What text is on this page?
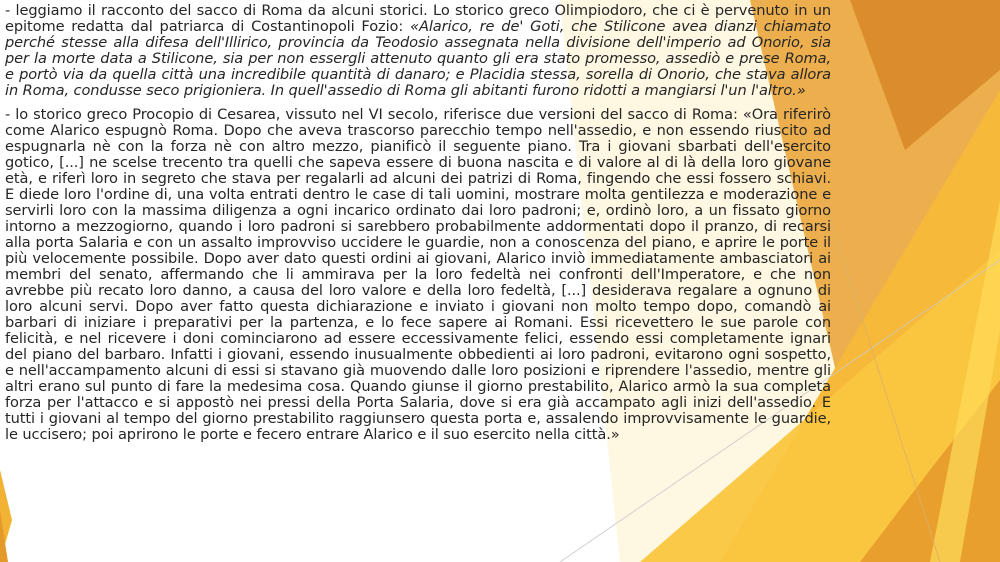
- leggiamo il racconto del sacco di Roma da alcuni storici. Lo storico greco Olimpiodoro, che ci è pervenuto in un epitome redatta dal patriarca di Costantinopoli Fozio: «Alarico, re de' Goti, che Stilicone avea dianzi chiamato perché stesse alla difesa dell'Illirico, provincia da Teodosio assegnata nella divisione dell'imperio ad Onorio, sia per la morte data a Stilicone, sia per non essergli attenuto quanto gli era stato promesso, assediò e prese Roma, e portò via da quella città una incredibile quantità di danaro; e Placidia stessa, sorella di Onorio, che stava allora in Roma, condusse seco prigioniera. In quell'assedio di Roma gli abitanti furono ridotti a mangiarsi l'un l'altro.»

- lo storico greco Procopio di Cesarea, vissuto nel VI secolo, riferisce due versioni del sacco di Roma: «Ora riferirò come Alarico espugnò Roma. Dopo che aveva trascorso parecchio tempo nell'assedio, e non essendo riuscito ad espugnarla nè con la forza nè con altro mezzo, pianificò il seguente piano. Tra i giovani sbarbati dell'esercito gotico, [...] ne scelse trecento tra quelli che sapeva essere di buona nascita e di valore al di là della loro giovane età, e riferì loro in segreto che stava per regalarli ad alcuni dei patrizi di Roma, fingendo che essi fossero schiavi. E diede loro l'ordine di, una volta entrati dentro le case di tali uomini, mostrare molta gentilezza e moderazione e servirli loro con la massima diligenza a ogni incarico ordinato dai loro padroni; e, ordinò loro, a un fissato giorno intorno a mezzogiorno, quando i loro padroni si sarebbero probabilmente addormentati dopo il pranzo, di recarsi alla porta Salaria e con un assalto improvviso uccidere le guardie, non a conoscenza del piano, e aprire le porte il più velocemente possibile. Dopo aver dato questi ordini ai giovani, Alarico inviò immediatamente ambasciatori ai membri del senato, affermando che li ammirava per la loro fedeltà nei confronti dell'Imperatore, e che non avrebbe più recato loro danno, a causa del loro valore e della loro fedeltà, [...] desiderava regalare a ognuno di loro alcuni servi. Dopo aver fatto questa dichiarazione e inviato i giovani non molto tempo dopo, comandò ai barbari di iniziare i preparativi per la partenza, e lo fece sapere ai Romani. Essi ricevettero le sue parole con felicità, e nel ricevere i doni cominciarono ad essere eccessivamente felici, essendo essi completamente ignari del piano del barbaro. Infatti i giovani, essendo inusualmente obbedienti ai loro padroni, evitarono ogni sospetto, e nell'accampamento alcuni di essi si stavano già muovendo dalle loro posizioni e riprendere l'assedio, mentre gli altri erano sul punto di fare la medesima cosa. Quando giunse il giorno prestabilito, Alarico armò la sua completa forza per l'attacco e si appostò nei pressi della Porta Salaria, dove si era già accampato agli inizi dell'assedio. E tutti i giovani al tempo del giorno prestabilito raggiunsero questa porta e, assalendo improvvisamente le guardie, le uccisero; poi aprirono le porte e fecero entrare Alarico e il suo esercito nella città.»
